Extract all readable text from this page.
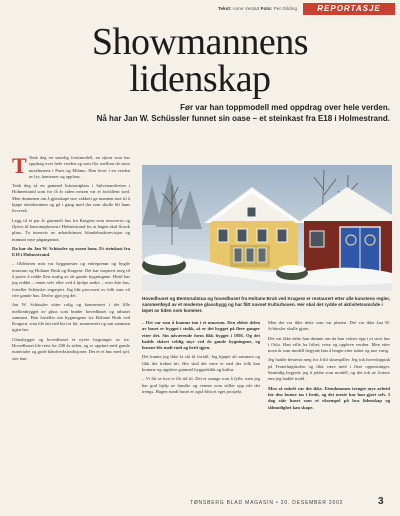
Tekst: Anne Vestad Foto: Per Gilding	REPORTASJE
Showmannens
lidenskap
Før var han toppmodell med oppdrag over hele verden.
Nå har Jan W. Schüssler funnet sin oase – et steinkast fra E18 i Holmestrand.
T Tenk deg en staselig foottmodell, en stjern som har oppdrag over hele verden og som flyr mellom de store motehusene i Paris og Milano. Han lever i en verden av lys, kameraer og applaus.

Tenk deg så en gammel hustomtplass i Sølvstrandveien i Holmestrand som for få år siden nesten var et forfallent sted. Men drømmen om å gjenskape noe vakkert ga mannen mot til å kjøpe eiendommen og gå i gang med det som skulle bli hans livsverk.

Legg til et par år gammelt hus fra Kragerø som renoveres og flyttes til hustomtplassen i Holmestrand for at hagen skal få nok plass. Ta tusenvis av arbeidstimer, blandebruksrevisjon og innmari mye pågangsmot.

Da har du Jan W. Schüssler og oasen hans. Et steinkast fra E18 i Holmestrand.

– Oldefaren min var byggmester og entreprenør og bygde museum og Holtane Bruk og Kragerø. Det har inspirert meg til å prøve å redde flest mulig av de gamle bygningene. Hittil har jeg reddet – enten selv eller ved å hjelpe andre – over åtte hus, forteller Schüssler engasjert. Jeg blir provosert av folk som vil rive gamle hus. Derfor gjør jeg det.

Jan W. Schüssler sitter rolig og konsentrert i det lille mellombygget av glass som binder hovedhuset og uthuset sammen. Han forteller om bygningene fra Holtane Bruk ved Kragerø, som ble tatt ned bit for bit, nummerert og satt sammen igjen her.

Glassbygget og hovedhuset er nyere bygninger av tre. Hovedhuset ble reist for 200 år siden, og er oppført med gamle materialer og gode håndverkstradisjoner. Det er et hus med sjel, sier han.

Hovedhuset og Bentsrudstua og hovedhuset fra Holtane Bruk ved Kragerø er restaurert etter alle kunstens regler, sammenføyd av et moderne glassbygg og har fått navnet Kulturhaven. Her skal det rydde et aktivitetsområde i løpet av tiden som kommer.

– Det var som å komme inn i et museum. Den eldste delen av huset er bygget i stokk, så er det bygget på flere ganger etter det. Sin nåværende form fikk bygget i 1805. Og det hadde skåret veldig mye ved de gamle bygningene, og husene ble malt rødt og hvitt igjen.

Det kunne jeg ikke la stå til forfall. Jeg kjøpte alt sammen og fikk det fraktet hit. Her skal det være et sted der folk kan komme og oppleve gammel byggeskikk og kultur.

– Vi får se hva vi får tid til. Det er mange rom å fylle, men jeg har god hjelp av familie og venner som stiller opp når det trengs. Hagen rundt huset er også blitt et eget prosjekt.

Men det var ikke dette som var planen. Det var ikke Jan W. Schüssler skulle gjøre.

Det var ikke dette han drømte om da han vokste opp i et stort hus i Oslo. Han ville ha frihet, reise og oppleve verden. Men etter noen år som modell begynte han å lengte etter røtter og noe varig.

Jeg hadde bestemt meg for å bli skuespiller. Jeg tok hovedopptak på Teaterhøgskolen og fikk være med i flere oppsetninger. Samtidig begynte jeg å jobbe som modell, og det tok av fortere enn jeg hadde trodd.

Men så enkelt var det ikke. Eiendommen trengte mye arbeid før den kunne tas i bruk, og det meste har han gjort selv. I dag står huset som et eksempel på hva lidenskap og tålmodighet kan skape.

TØNSBERG BLAD MAGASIN • 20. DESEMBER 2002	3
